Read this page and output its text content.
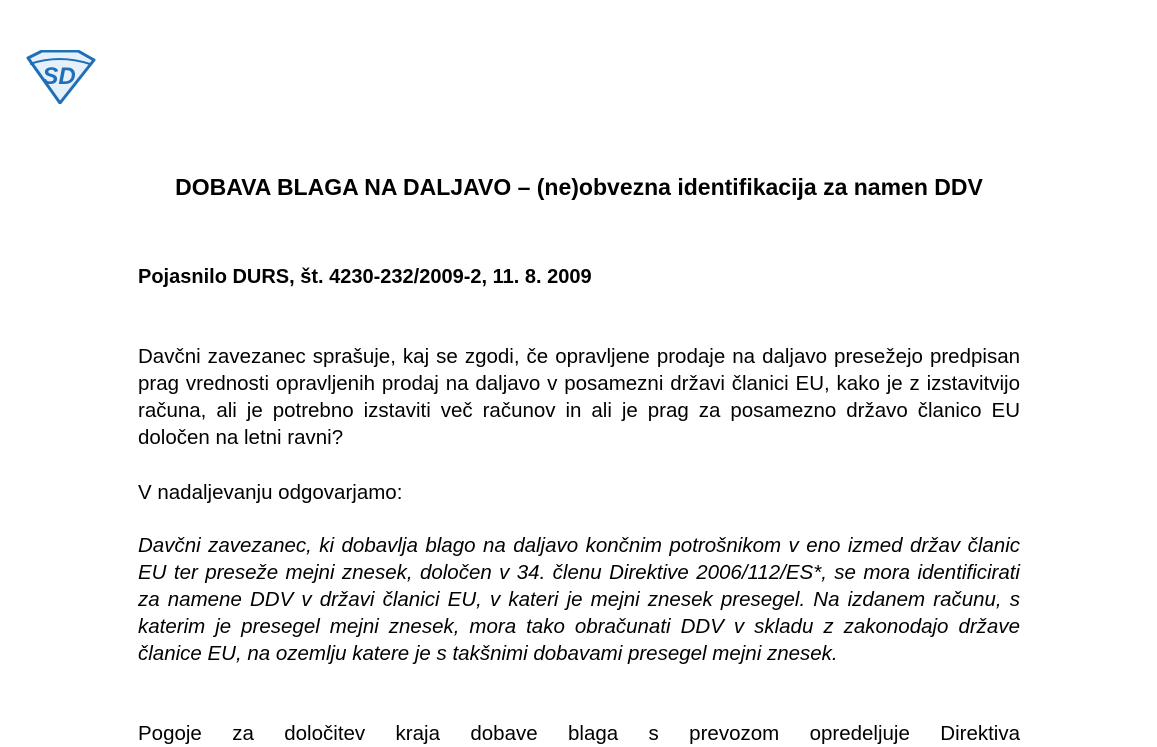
SD
DOBAVA BLAGA NA DALJAVO – (ne)obvezna identifikacija za namen DDV

Pojasnilo DURS, št. 4230-232/2009-2, 11. 8. 2009

Davčni zavezanec sprašuje, kaj se zgodi, če opravljene prodaje na daljavo presežejo predpisan prag vrednosti opravljenih prodaj na daljavo v posamezni državi članici EU, kako je z izstavitvijo računa, ali je potrebno izstaviti več računov in ali je prag za posamezno državo članico EU določen na letni ravni?

V nadaljevanju odgovarjamo:

Davčni zavezanec, ki dobavlja blago na daljavo končnim potrošnikom v eno izmed držav članic EU ter preseže mejni znesek, določen v 34. členu Direktive 2006/112/ES*, se mora identificirati za namene DDV v državi članici EU, v kateri je mejni znesek presegel. Na izdanem računu, s katerim je presegel mejni znesek, mora tako obračunati DDV v skladu z zakonodajo države članice EU, na ozemlju katere je s takšnimi dobavami presegel mejni znesek.

Pogoje za določitev kraja dobave blaga s prevozom opredeljuje Direktiva
